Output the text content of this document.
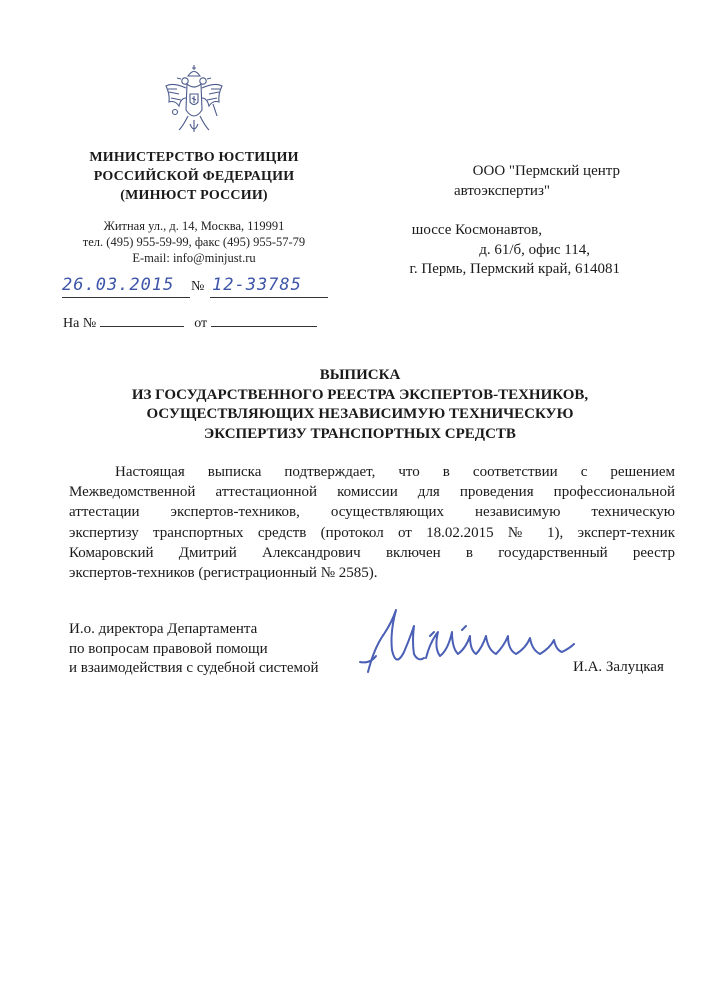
МИНИСТЕРСТВО ЮСТИЦИИ
РОССИЙСКОЙ ФЕДЕРАЦИИ
(МИНЮСТ РОССИИ)
Житная ул., д. 14, Москва, 119991
тел. (495) 955-59-99, факс (495) 955-57-79
E-mail: info@minjust.ru
26.03.2015 № 12-33785
На №	от
ООО "Пермский центр
автоэкспертиз"
шоссе Космонавтов,
д. 61/б, офис 114,
г. Пермь, Пермский край, 614081
ВЫПИСКА
ИЗ ГОСУДАРСТВЕННОГО РЕЕСТРА ЭКСПЕРТОВ-ТЕХНИКОВ,
ОСУЩЕСТВЛЯЮЩИХ НЕЗАВИСИМУЮ ТЕХНИЧЕСКУЮ
ЭКСПЕРТИЗУ ТРАНСПОРТНЫХ СРЕДСТВ
Настоящая выписка подтверждает, что в соответствии с решением
Межведомственной аттестационной комиссии для проведения профессиональной
аттестации экспертов-техников, осуществляющих независимую техническую
экспертизу транспортных средств (протокол от 18.02.2015 № 1), эксперт-техник
Комаровский Дмитрий Александрович включен в государственный реестр
экспертов-техников (регистрационный № 2585).
И.о. директора Департамента
по вопросам правовой помощи
и взаимодействия с судебной системой	И.А. Залуцкая
